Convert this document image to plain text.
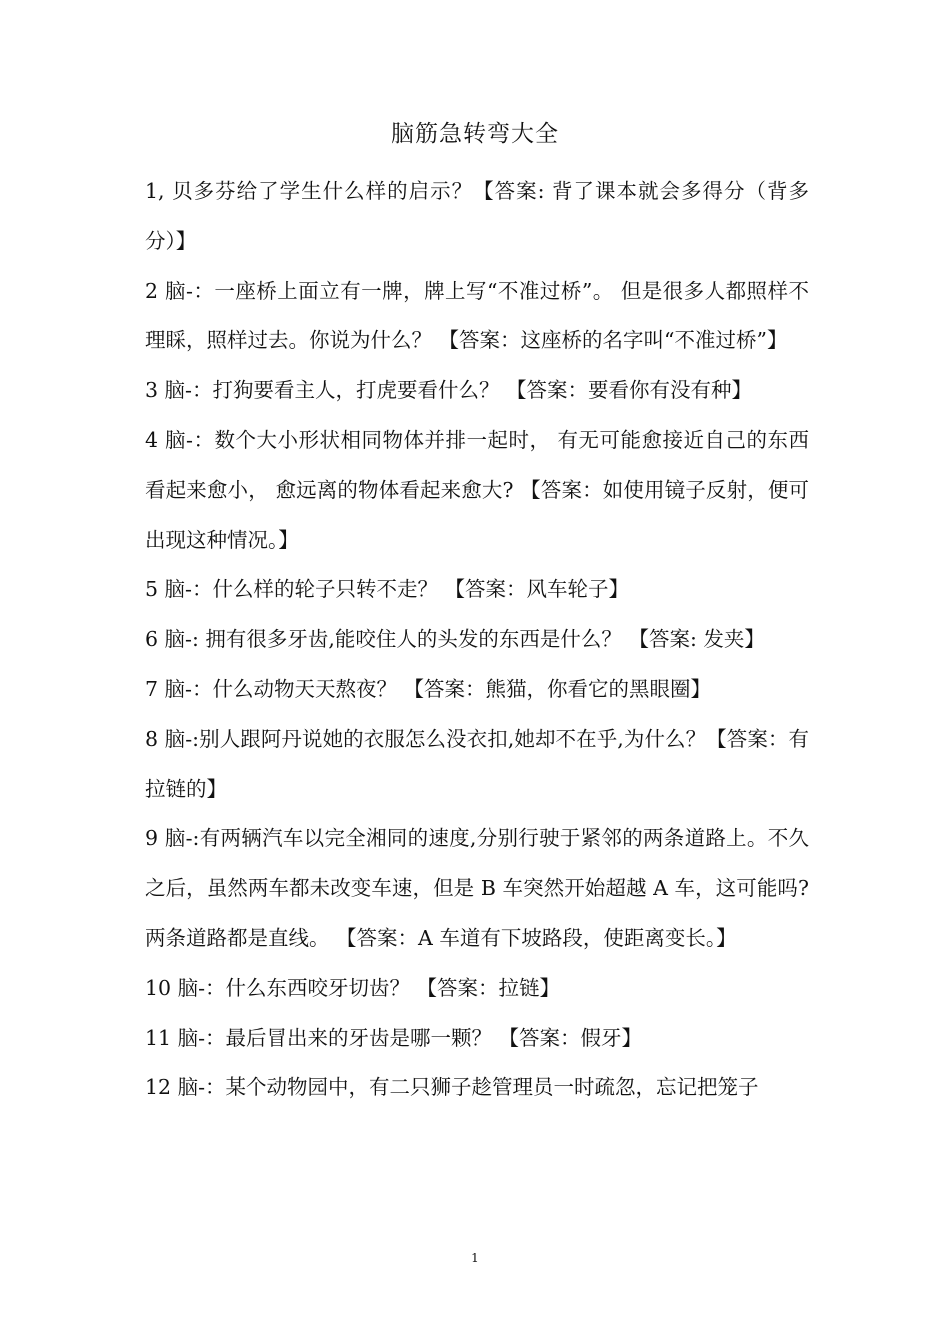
脑筋急转弯大全

1, 贝多芬给了学生什么样的启示？【答案: 背了课本就会多得分（背多分）】

2 脑-：一座桥上面立有一牌，牌上写“不准过桥”。 但是很多人都照样不理睬，照样过去。你说为什么？ 【答案：这座桥的名字叫“不准过桥”】

3 脑-：打狗要看主人，打虎要看什么？ 【答案：要看你有没有种】

4 脑-：数个大小形状相同物体并排一起时， 有无可能愈接近自己的东西看起来愈小， 愈远离的物体看起来愈大? 【答案：如使用镜子反射，便可出现这种情况。】

5 脑-：什么样的轮子只转不走？ 【答案：风车轮子】

6 脑-: 拥有很多牙齿,能咬住人的头发的东西是什么？ 【答案: 发夹】

7 脑-：什么动物天天熬夜？ 【答案：熊猫，你看它的黑眼圈】

8 脑-:别人跟阿丹说她的衣服怎么没衣扣,她却不在乎,为什么？【答案：有拉链的】

9 脑-:有两辆汽车以完全湘同的速度,分别行驶于紧邻的两条道路上。不久之后，虽然两车都未改变车速，但是 B 车突然开始超越 A 车，这可能吗?两条道路都是直线。 【答案：A 车道有下坡路段，使距离变长。】

10 脑-：什么东西咬牙切齿？ 【答案：拉链】

11 脑-：最后冒出来的牙齿是哪一颗？ 【答案：假牙】

12 脑-：某个动物园中，有二只狮子趁管理员一时疏忽，忘记把笼子

1
